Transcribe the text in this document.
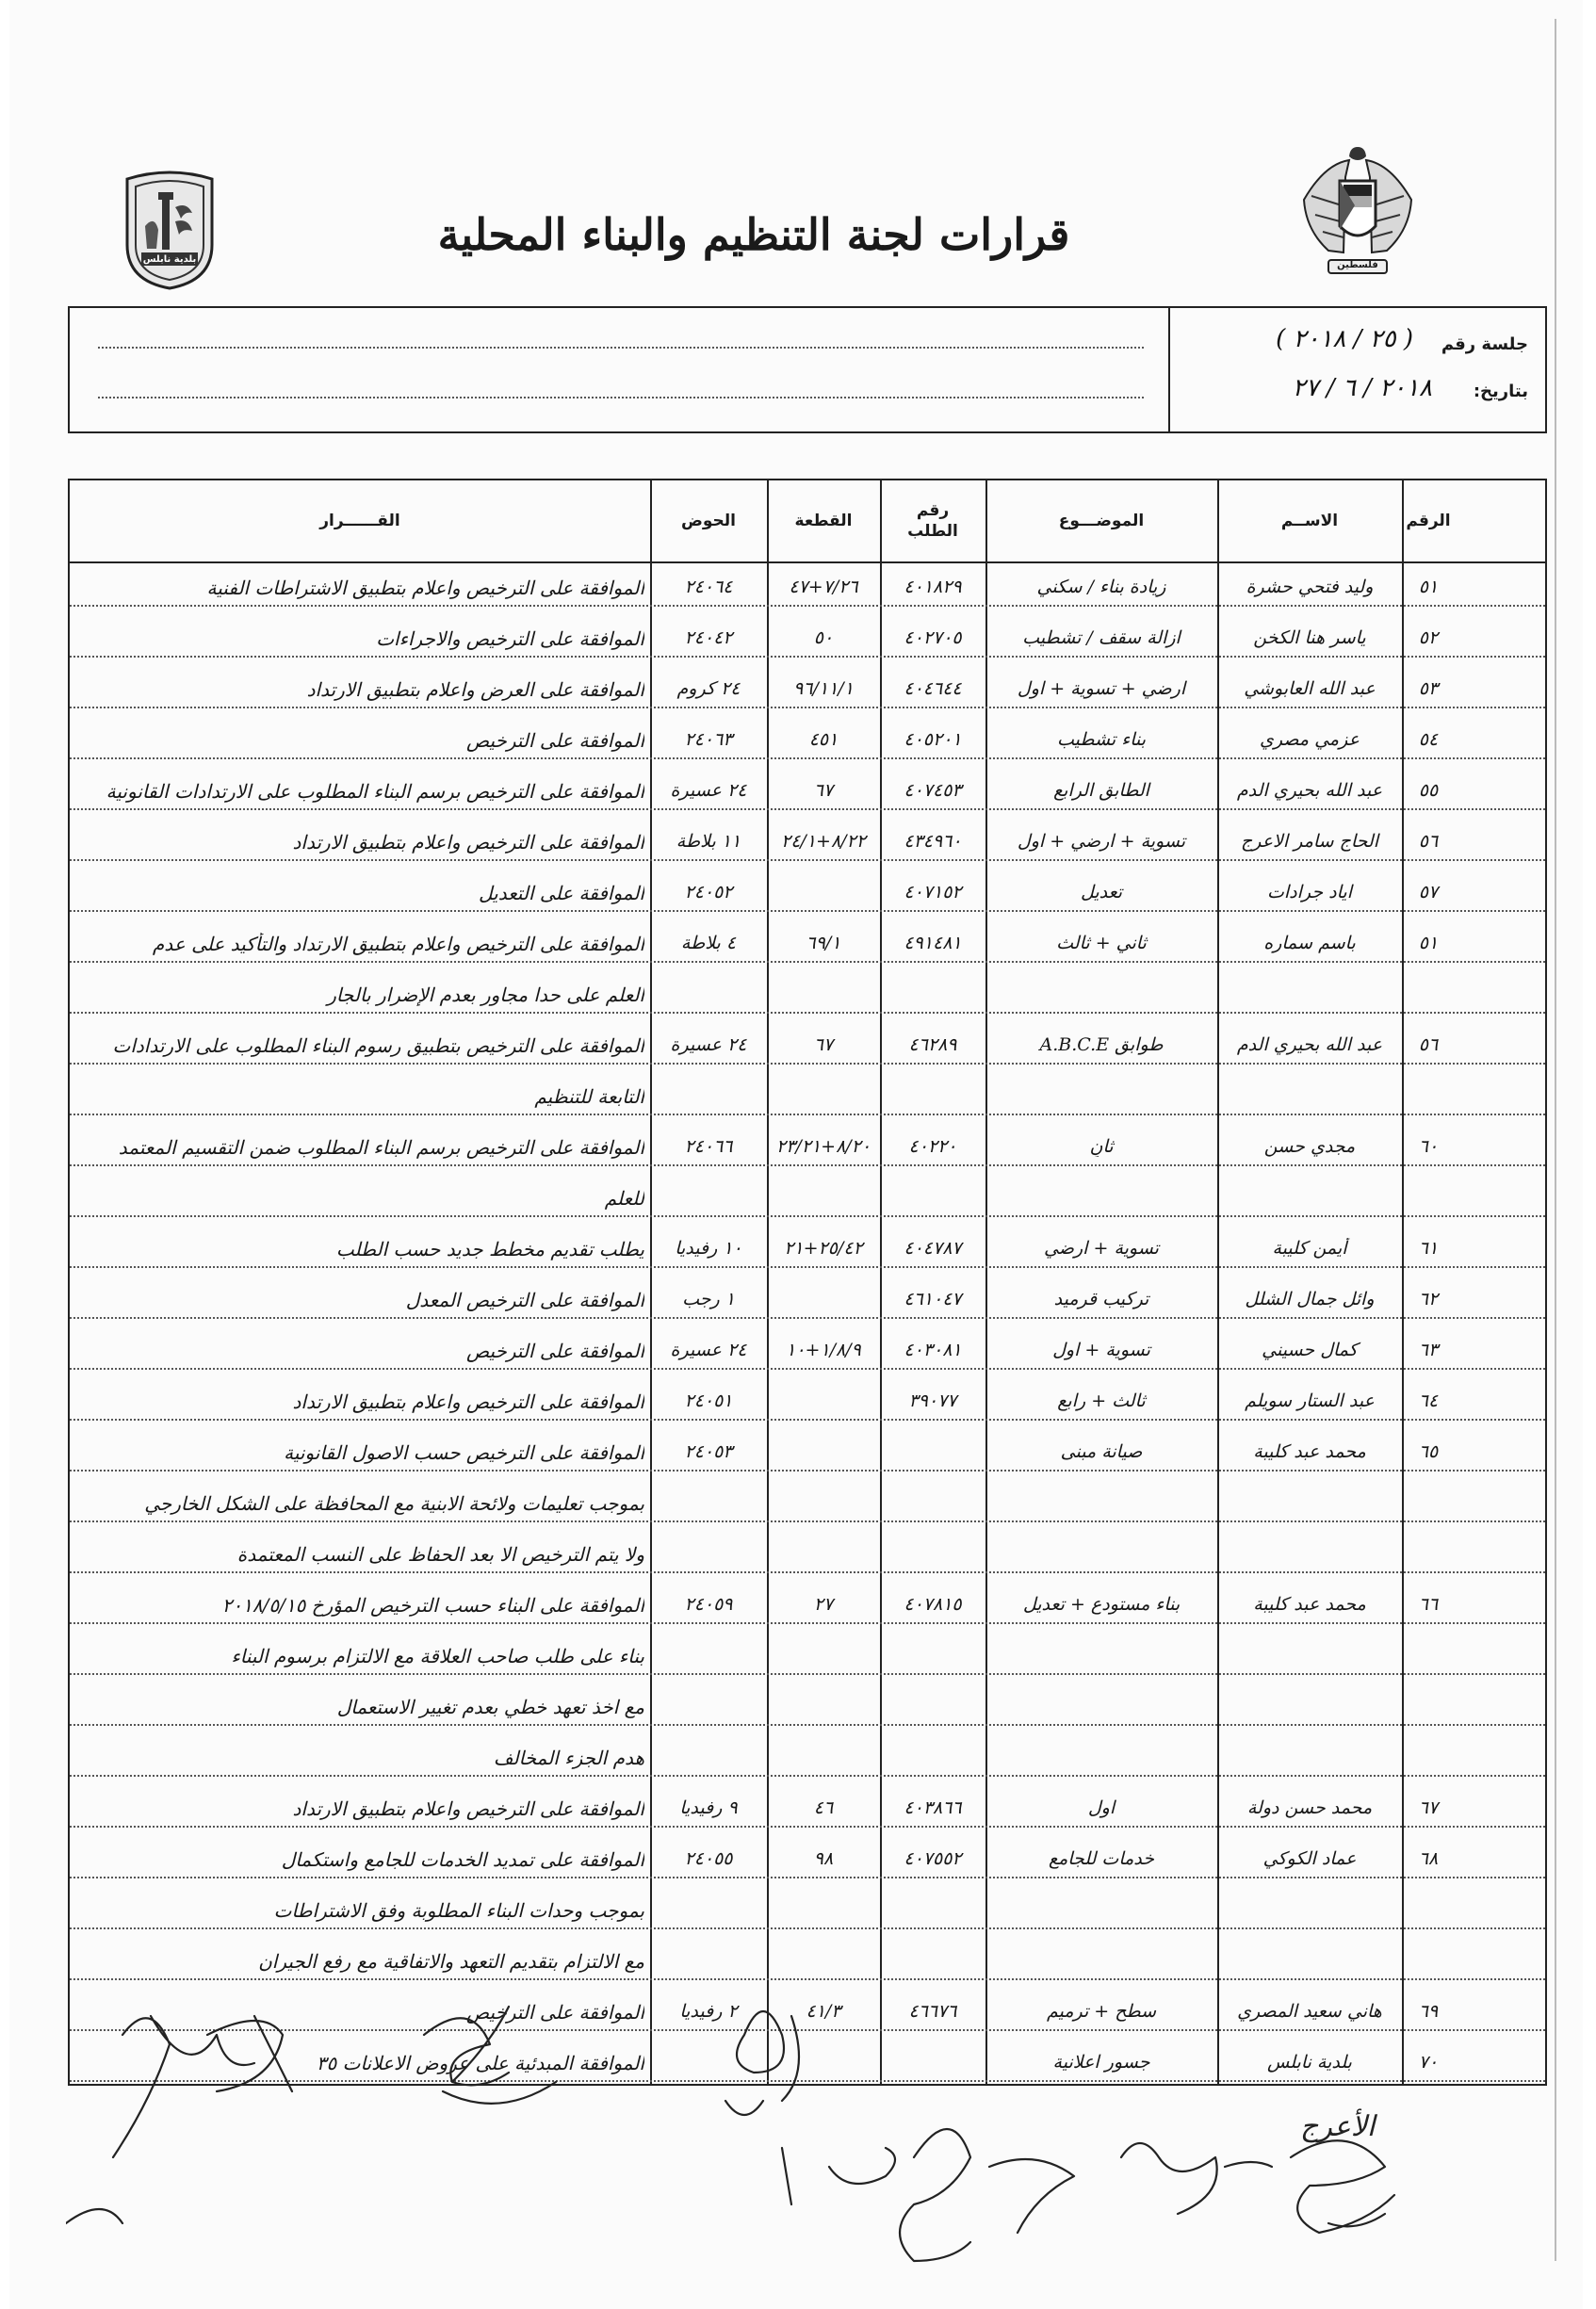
بلدية نابلس
فلسطين
قرارات لجنة التنظيم والبناء المحلية
جلسة رقم
( ٢٥ / ٢٠١٨ )
بتاريخ:
٢٠١٨ / ٦ / ٢٧
٥١
وليد فتحي حشرة
زيادة بناء / سكني
٤٠١٨٢٩
٧/٢٦+٤٧
٢٤٠٦٤
الموافقة على الترخيص واعلام بتطبيق الاشتراطات الفنية
٥٢
ياسر هنا الكخن
ازالة سقف / تشطيب
٤٠٢٧٠٥
٥٠
٢٤٠٤٢
الموافقة على الترخيص والاجراءات
٥٣
عبد الله العابوشي
ارضي + تسوية + اول
٤٠٤٦٤٤
٩٦/١١/١
٢٤ كروم
الموافقة على العرض واعلام بتطبيق الارتداد
٥٤
عزمي مصري
بناء تشطيب
٤٠٥٢٠١
٤٥١
٢٤٠٦٣
الموافقة على الترخيص
٥٥
عبد الله بحيري الدم
الطابق الرابع
٤٠٧٤٥٣
٦٧
٢٤ عسيرة
الموافقة على الترخيص برسم البناء المطلوب على الارتدادات القانونية
٥٦
الحاج سامر الاعرج
تسوية + ارضي + اول
٤٣٤٩٦٠
٨/٢٢+٢٤/١
١١ بلاطة
الموافقة على الترخيص واعلام بتطبيق الارتداد
٥٧
اياد جرادات
تعديل
٤٠٧١٥٢
٢٤٠٥٢
الموافقة على التعديل
٥١
باسم سماره
ثاني + ثالث
٤٩١٤٨١
٦٩/١
٤ بلاطة
الموافقة على الترخيص واعلام بتطبيق الارتداد والتأكيد على عدم
العلم على حدا مجاور بعدم الإضرار بالجار
٥٦
عبد الله بحيري الدم
طوابق A.B.C.E
٤٦٢٨٩
٦٧
٢٤ عسيرة
الموافقة على الترخيص بتطبيق رسوم البناء المطلوب على الارتدادات
التابعة للتنظيم
٦٠
مجدي حسن
ثانٍ
٤٠٢٢٠
٨/٢٠+٢٣/٢١
٢٤٠٦٦
الموافقة على الترخيص برسم البناء المطلوب ضمن التقسيم المعتمد
للعلم
٦١
أيمن كليبة
تسوية + ارضي
٤٠٤٧٨٧
٢٥/٤٢+٢١
١٠ رفيديا
يطلب تقديم مخطط جديد حسب الطلب
٦٢
وائل جمال الشلل
تركيب قرميد
٤٦١٠٤٧
١ رجب
الموافقة على الترخيص المعدل
٦٣
كمال حسيني
تسوية + اول
٤٠٣٠٨١
١/٨/٩+١٠
٢٤ عسيرة
الموافقة على الترخيص
٦٤
عبد الستار سويلم
ثالث + رابع
٣٩٠٧٧
٢٤٠٥١
الموافقة على الترخيص واعلام بتطبيق الارتداد
٦٥
محمد عبد كليبة
صيانة مبنى
٢٤٠٥٣
الموافقة على الترخيص حسب الاصول القانونية
بموجب تعليمات ولائحة الابنية مع المحافظة على الشكل الخارجي
ولا يتم الترخيص الا بعد الحفاظ على النسب المعتمدة
٦٦
محمد عبد كليبة
بناء مستودع + تعديل
٤٠٧٨١٥
٢٧
٢٤٠٥٩
الموافقة على البناء حسب الترخيص المؤرخ ٢٠١٨/٥/١٥
بناء على طلب صاحب العلاقة مع الالتزام برسوم البناء
مع اخذ تعهد خطي بعدم تغيير الاستعمال
هدم الجزء المخالف
٦٧
محمد حسن دولة
اول
٤٠٣٨٦٦
٤٦
٩ رفيديا
الموافقة على الترخيص واعلام بتطبيق الارتداد
٦٨
عماد الكوكي
خدمات للجامع
٤٠٧٥٥٢
٩٨
٢٤٠٥٥
الموافقة على تمديد الخدمات للجامع واستكمال
بموجب وحدات البناء المطلوبة وفق الاشتراطات
مع الالتزام بتقديم التعهد والاتفاقية مع رفع الجيران
٦٩
هاني سعيد المصري
سطح + ترميم
٤٦٦٧٦
٤١/٣
٢ رفيديا
الموافقة على الترخيص
٧٠
بلدية نابلس
جسور اعلانية
الموافقة المبدئية على عروض الاعلانات ٣٥
الرقم
الاســم
الموضـــوع
رقم الطلب
القطعة
الحوض
القــــــرار
الأعرج
